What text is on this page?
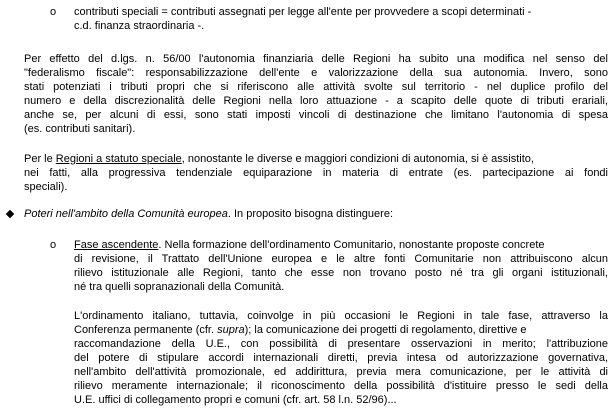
o contributi speciali = contributi assegnati per legge all'ente per provvedere a scopi determinati -
c.d. finanza straordinaria -.
Per effetto del d.lgs. n. 56/00 l'autonomia finanziaria delle Regioni ha subito una modifica nel senso del
"federalismo fiscale": responsabilizzazione dell'ente e valorizzazione della sua autonomia. Invero, sono
stati potenziati i tributi propri che si riferiscono alle attività svolte sul territorio - nel duplice profilo del
numero e della discrezionalità delle Regioni nella loro attuazione - a scapito delle quote di tributi erariali,
anche se, per alcuni di essi, sono stati imposti vincoli di destinazione che limitano l'autonomia di spesa
(es. contributi sanitari).
Per le Regioni a statuto speciale, nonostante le diverse e maggiori condizioni di autonomia, si è assistito,
nei fatti, alla progressiva tendenziale equiparazione in materia di entrate (es. partecipazione ai fondi
speciali).
Poteri nell'ambito della Comunità europea. In proposito bisogna distinguere:
o Fase ascendente. Nella formazione dell'ordinamento Comunitario, nonostante proposte concrete
di revisione, il Trattato dell'Unione europea e le altre fonti Comunitarie non attribuiscono alcun
rilievo istituzionale alle Regioni, tanto che esse non trovano posto né tra gli organi istituzionali,
né tra quelli sopranazionali della Comunità.
L'ordinamento italiano, tuttavia, coinvolge in più occasioni le Regioni in tale fase, attraverso la
Conferenza permanente (cfr. supra); la comunicazione dei progetti di regolamento, direttive e
raccomandazione della U.E., con possibilità di presentare osservazioni in merito; l'attribuzione
del potere di stipulare accordi internazionali diretti, previa intesa od autorizzazione governativa,
nell'ambito dell'attività promozionale, ed addirittura, previa mera comunicazione, per le attività di
rilievo meramente internazionale; il riconoscimento della possibilità d'istituire presso le sedi della
U.E. uffici di collegamento propri e comuni (cfr. art. 58 l.n. 52/96)...
